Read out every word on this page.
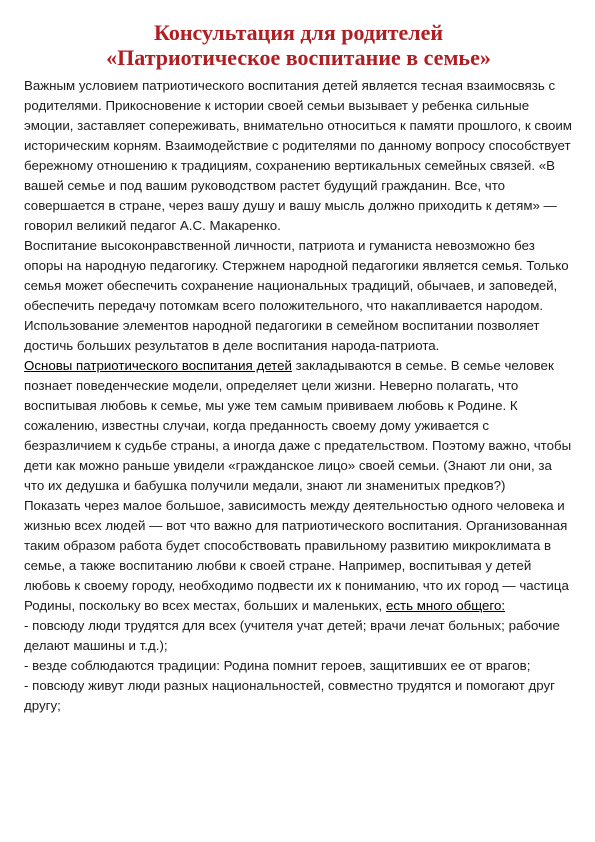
Консультация для родителей
«Патриотическое воспитание в семье»

Важным условием патриотического воспитания детей является тесная взаимосвязь с родителями. Прикосновение к истории своей семьи вызывает у ребенка сильные эмоции, заставляет сопереживать, внимательно относиться к памяти прошлого, к своим историческим корням. Взаимодействие с родителями по данному вопросу способствует бережному отношению к традициям, сохранению вертикальных семейных связей. «В вашей семье и под вашим руководством растет будущий гражданин. Все, что совершается в стране, через вашу душу и вашу мысль должно приходить к детям» — говорил великий педагог А.С. Макаренко.

Воспитание высоконравственной личности, патриота и гуманиста невозможно без опоры на народную педагогику. Стержнем народной педагогики является семья. Только семья может обеспечить сохранение национальных традиций, обычаев, и заповедей, обеспечить передачу потомкам всего положительного, что накапливается народом. Использование элементов народной педагогики в семейном воспитании позволяет достичь больших результатов в деле воспитания народа-патриота.

Основы патриотического воспитания детей закладываются в семье. В семье человек познает поведенческие модели, определяет цели жизни. Неверно полагать, что воспитывая любовь к семье, мы уже тем самым прививаем любовь к Родине. К сожалению, известны случаи, когда преданность своему дому уживается с безразличием к судьбе страны, а иногда даже с предательством. Поэтому важно, чтобы дети как можно раньше увидели «гражданское лицо» своей семьи. (Знают ли они, за что их дедушка и бабушка получили медали, знают ли знаменитых предков?)

Показать через малое большое, зависимость между деятельностью одного человека и жизнью всех людей — вот что важно для патриотического воспитания. Организованная таким образом работа будет способствовать правильному развитию микроклимата в семье, а также воспитанию любви к своей стране. Например, воспитывая у детей любовь к своему городу, необходимо подвести их к пониманию, что их город — частица Родины, поскольку во всех местах, больших и маленьких, есть много общего:

- повсюду люди трудятся для всех (учителя учат детей; врачи лечат больных; рабочие делают машины и т.д.);

- везде соблюдаются традиции: Родина помнит героев, защитивших ее от врагов;

- повсюду живут люди разных национальностей, совместно трудятся и помогают друг другу;
